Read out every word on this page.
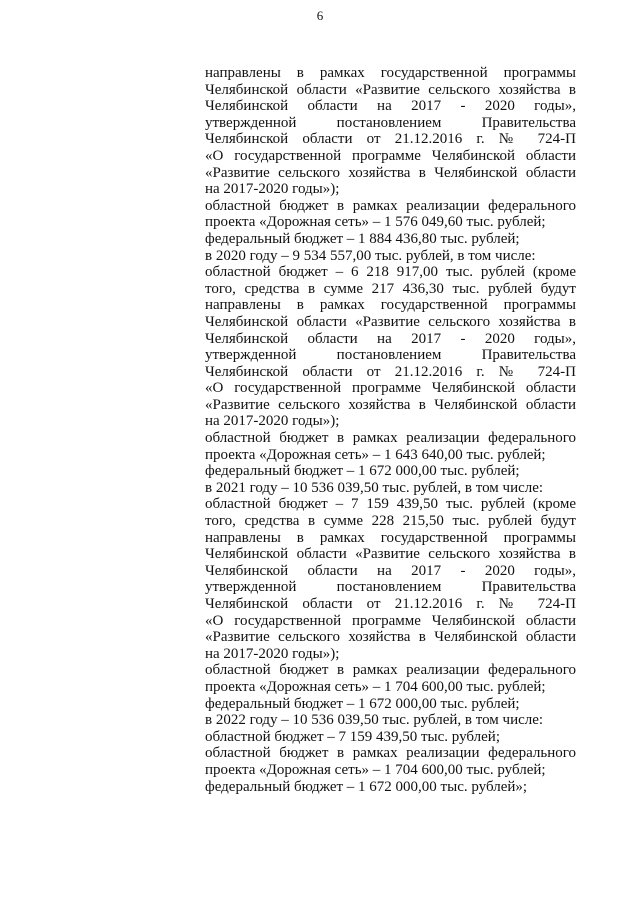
6
направлены в рамках государственной программы
Челябинской области «Развитие сельского хозяйства в
Челябинской области на 2017 - 2020 годы»,
утвержденной постановлением Правительства
Челябинской области от 21.12.2016 г. № 724-П
«О государственной программе Челябинской области
«Развитие сельского хозяйства в Челябинской области
на 2017-2020 годы»);
областной бюджет в рамках реализации федерального
проекта «Дорожная сеть» – 1 576 049,60 тыс. рублей;
федеральный бюджет – 1 884 436,80 тыс. рублей;
в 2020 году – 9 534 557,00 тыс. рублей, в том числе:
областной бюджет – 6 218 917,00 тыс. рублей (кроме
того, средства в сумме 217 436,30 тыс. рублей будут
направлены в рамках государственной программы
Челябинской области «Развитие сельского хозяйства в
Челябинской области на 2017 - 2020 годы»,
утвержденной постановлением Правительства
Челябинской области от 21.12.2016 г. № 724-П
«О государственной программе Челябинской области
«Развитие сельского хозяйства в Челябинской области
на 2017-2020 годы»);
областной бюджет в рамках реализации федерального
проекта «Дорожная сеть» – 1 643 640,00 тыс. рублей;
федеральный бюджет – 1 672 000,00 тыс. рублей;
в 2021 году – 10 536 039,50 тыс. рублей, в том числе:
областной бюджет – 7 159 439,50 тыс. рублей (кроме
того, средства в сумме 228 215,50 тыс. рублей будут
направлены в рамках государственной программы
Челябинской области «Развитие сельского хозяйства в
Челябинской области на 2017 - 2020 годы»,
утвержденной постановлением Правительства
Челябинской области от 21.12.2016 г. № 724-П
«О государственной программе Челябинской области
«Развитие сельского хозяйства в Челябинской области
на 2017-2020 годы»);
областной бюджет в рамках реализации федерального
проекта «Дорожная сеть» – 1 704 600,00 тыс. рублей;
федеральный бюджет – 1 672 000,00 тыс. рублей;
в 2022 году – 10 536 039,50 тыс. рублей, в том числе:
областной бюджет – 7 159 439,50 тыс. рублей;
областной бюджет в рамках реализации федерального
проекта «Дорожная сеть» – 1 704 600,00 тыс. рублей;
федеральный бюджет – 1 672 000,00 тыс. рублей»;
